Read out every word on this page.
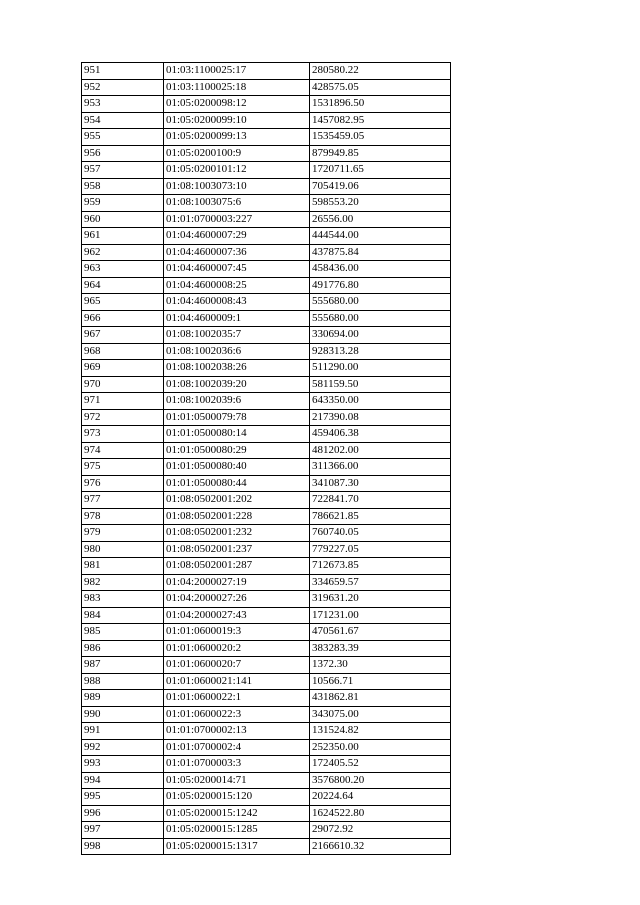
951	01:03:1100025:17	280580.22
952	01:03:1100025:18	428575.05
953	01:05:0200098:12	1531896.50
954	01:05:0200099:10	1457082.95
955	01:05:0200099:13	1535459.05
956	01:05:0200100:9	879949.85
957	01:05:0200101:12	1720711.65
958	01:08:1003073:10	705419.06
959	01:08:1003075:6	598553.20
960	01:01:0700003:227	26556.00
961	01:04:4600007:29	444544.00
962	01:04:4600007:36	437875.84
963	01:04:4600007:45	458436.00
964	01:04:4600008:25	491776.80
965	01:04:4600008:43	555680.00
966	01:04:4600009:1	555680.00
967	01:08:1002035:7	330694.00
968	01:08:1002036:6	928313.28
969	01:08:1002038:26	511290.00
970	01:08:1002039:20	581159.50
971	01:08:1002039:6	643350.00
972	01:01:0500079:78	217390.08
973	01:01:0500080:14	459406.38
974	01:01:0500080:29	481202.00
975	01:01:0500080:40	311366.00
976	01:01:0500080:44	341087.30
977	01:08:0502001:202	722841.70
978	01:08:0502001:228	786621.85
979	01:08:0502001:232	760740.05
980	01:08:0502001:237	779227.05
981	01:08:0502001:287	712673.85
982	01:04:2000027:19	334659.57
983	01:04:2000027:26	319631.20
984	01:04:2000027:43	171231.00
985	01:01:0600019:3	470561.67
986	01:01:0600020:2	383283.39
987	01:01:0600020:7	1372.30
988	01:01:0600021:141	10566.71
989	01:01:0600022:1	431862.81
990	01:01:0600022:3	343075.00
991	01:01:0700002:13	131524.82
992	01:01:0700002:4	252350.00
993	01:01:0700003:3	172405.52
994	01:05:0200014:71	3576800.20
995	01:05:0200015:120	20224.64
996	01:05:0200015:1242	1624522.80
997	01:05:0200015:1285	29072.92
998	01:05:0200015:1317	2166610.32
